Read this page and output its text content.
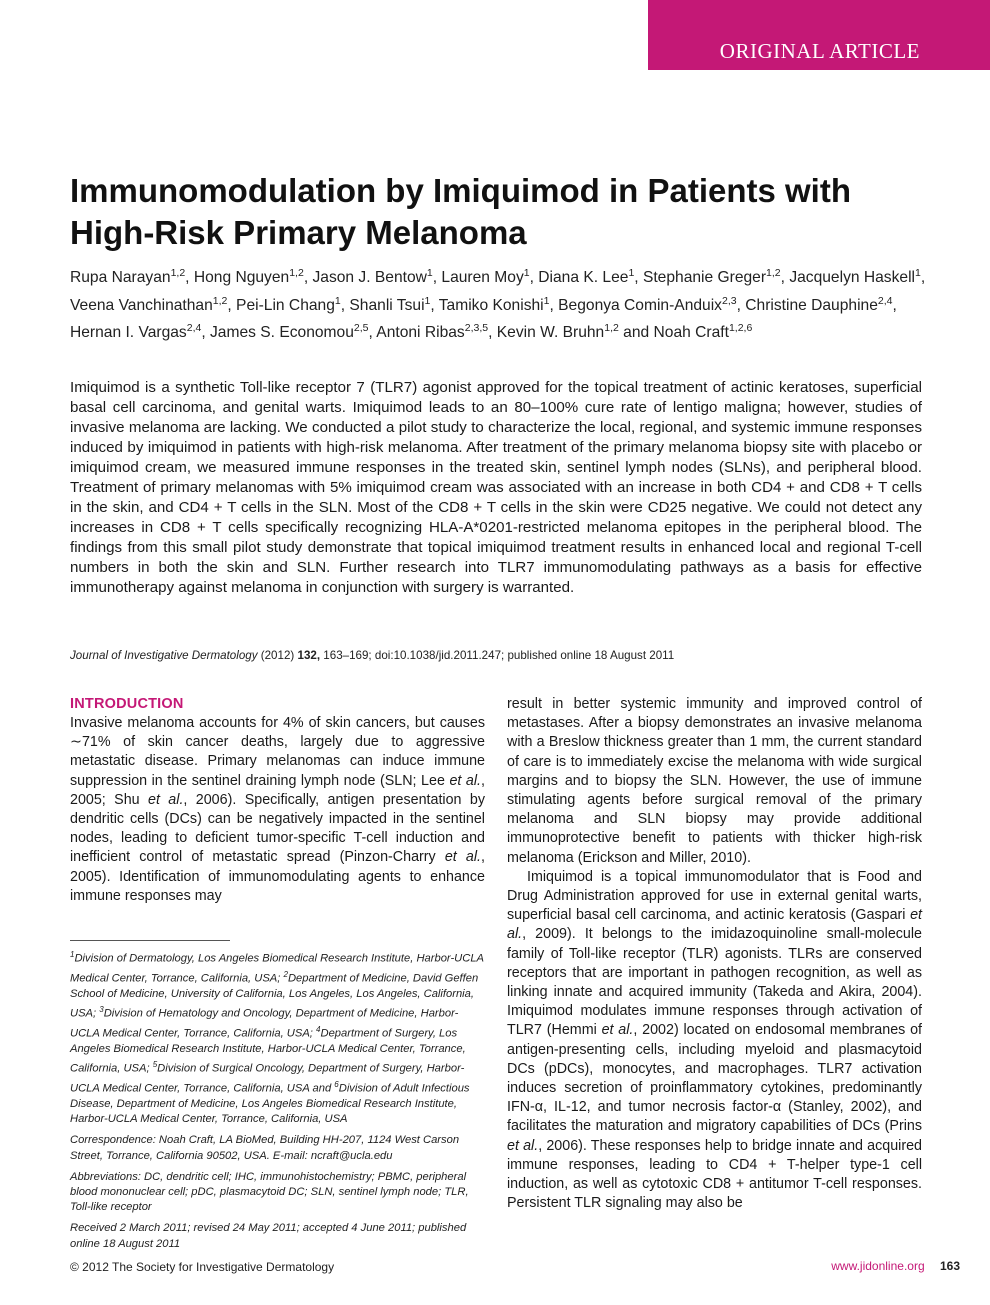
ORIGINAL ARTICLE
Immunomodulation by Imiquimod in Patients with High-Risk Primary Melanoma

Rupa Narayan$^{1,2}$, Hong Nguyen$^{1,2}$, Jason J. Bentow$^1$, Lauren Moy$^1$, Diana K. Lee$^1$, Stephanie Greger$^{1,2}$, Jacquelyn Haskell$^1$, Veena Vanchinathan$^{1,2}$, Pei-Lin Chang$^1$, Shanli Tsui$^1$, Tamiko Konishi$^1$, Begonya Comin-Anduix$^{2,3}$, Christine Dauphine$^{2,4}$, Hernan I. Vargas$^{2,4}$, James S. Economou$^{2,5}$, Antoni Ribas$^{2,3,5}$, Kevin W. Bruhn$^{1,2}$ and Noah Craft$^{1,2,6}$

Imiquimod is a synthetic Toll-like receptor 7 (TLR7) agonist approved for the topical treatment of actinic keratoses, superficial basal cell carcinoma, and genital warts. Imiquimod leads to an 80–100% cure rate of lentigo maligna; however, studies of invasive melanoma are lacking. We conducted a pilot study to characterize the local, regional, and systemic immune responses induced by imiquimod in patients with high-risk melanoma. After treatment of the primary melanoma biopsy site with placebo or imiquimod cream, we measured immune responses in the treated skin, sentinel lymph nodes (SLNs), and peripheral blood. Treatment of primary melanomas with 5% imiquimod cream was associated with an increase in both CD4 + and CD8 + T cells in the skin, and CD4 + T cells in the SLN. Most of the CD8 + T cells in the skin were CD25 negative. We could not detect any increases in CD8 + T cells specifically recognizing HLA-A*0201-restricted melanoma epitopes in the peripheral blood. The findings from this small pilot study demonstrate that topical imiquimod treatment results in enhanced local and regional T-cell numbers in both the skin and SLN. Further research into TLR7 immunomodulating pathways as a basis for effective immunotherapy against melanoma in conjunction with surgery is warranted.

Journal of Investigative Dermatology (2012) 132, 163–169; doi:10.1038/jid.2011.247; published online 18 August 2011

INTRODUCTION

Invasive melanoma accounts for 4% of skin cancers, but causes ∼71% of skin cancer deaths, largely due to aggressive metastatic disease. Primary melanomas can induce immune suppression in the sentinel draining lymph node (SLN; Lee et al., 2005; Shu et al., 2006). Specifically, antigen presentation by dendritic cells (DCs) can be negatively impacted in the sentinel nodes, leading to deficient tumor-specific T-cell induction and inefficient control of metastatic spread (Pinzon-Charry et al., 2005). Identification of immunomodulating agents to enhance immune responses may

$^1$Division of Dermatology, Los Angeles Biomedical Research Institute, Harbor-UCLA Medical Center, Torrance, California, USA; $^2$Department of Medicine, David Geffen School of Medicine, University of California, Los Angeles, Los Angeles, California, USA; $^3$Division of Hematology and Oncology, Department of Medicine, Harbor-UCLA Medical Center, Torrance, California, USA; $^4$Department of Surgery, Los Angeles Biomedical Research Institute, Harbor-UCLA Medical Center, Torrance, California, USA; $^5$Division of Surgical Oncology, Department of Surgery, Harbor-UCLA Medical Center, Torrance, California, USA and $^6$Division of Adult Infectious Disease, Department of Medicine, Los Angeles Biomedical Research Institute, Harbor-UCLA Medical Center, Torrance, California, USA

Correspondence: Noah Craft, LA BioMed, Building HH-207, 1124 West Carson Street, Torrance, California 90502, USA. E-mail: ncraft@ucla.edu

Abbreviations: DC, dendritic cell; IHC, immunohistochemistry; PBMC, peripheral blood mononuclear cell; pDC, plasmacytoid DC; SLN, sentinel lymph node; TLR, Toll-like receptor

Received 2 March 2011; revised 24 May 2011; accepted 4 June 2011; published online 18 August 2011

result in better systemic immunity and improved control of metastases. After a biopsy demonstrates an invasive melanoma with a Breslow thickness greater than 1 mm, the current standard of care is to immediately excise the melanoma with wide surgical margins and to biopsy the SLN. However, the use of immune stimulating agents before surgical removal of the primary melanoma and SLN biopsy may provide additional immunoprotective benefit to patients with thicker high-risk melanoma (Erickson and Miller, 2010).

Imiquimod is a topical immunomodulator that is Food and Drug Administration approved for use in external genital warts, superficial basal cell carcinoma, and actinic keratosis (Gaspari et al., 2009). It belongs to the imidazoquinoline small-molecule family of Toll-like receptor (TLR) agonists. TLRs are conserved receptors that are important in pathogen recognition, as well as linking innate and acquired immunity (Takeda and Akira, 2004). Imiquimod modulates immune responses through activation of TLR7 (Hemmi et al., 2002) located on endosomal membranes of antigen-presenting cells, including myeloid and plasmacytoid DCs (pDCs), monocytes, and macrophages. TLR7 activation induces secretion of proinflammatory cytokines, predominantly IFN-α, IL-12, and tumor necrosis factor-α (Stanley, 2002), and facilitates the maturation and migratory capabilities of DCs (Prins et al., 2006). These responses help to bridge innate and acquired immune responses, leading to CD4 + T-helper type-1 cell induction, as well as cytotoxic CD8 + antitumor T-cell responses. Persistent TLR signaling may also be

© 2012 The Society for Investigative Dermatology	www.jidonline.org 163
